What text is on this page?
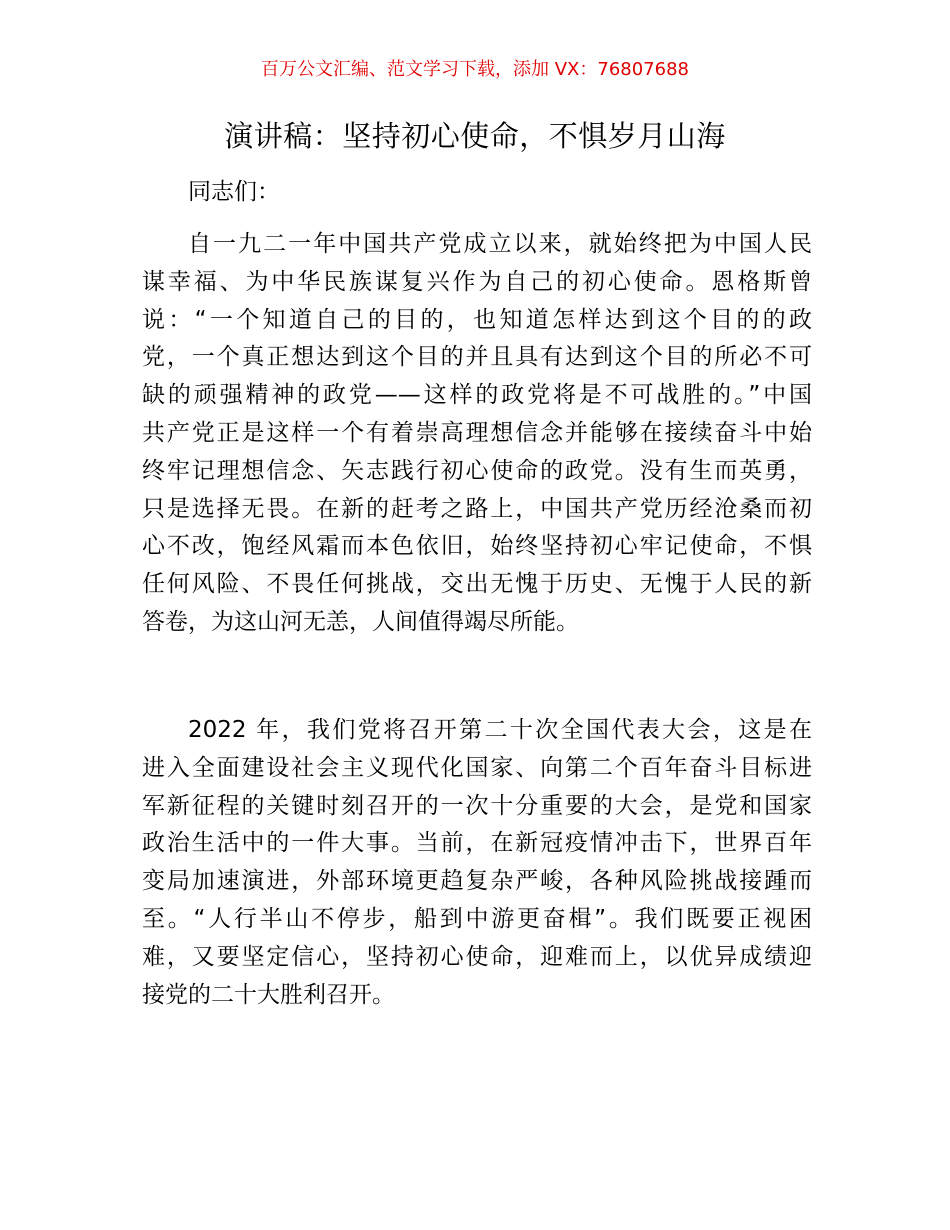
百万公文汇编、范文学习下载，添加 VX：76807688
演讲稿：坚持初心使命，不惧岁月山海
同志们：
自一九二一年中国共产党成立以来，就始终把为中国人民
谋幸福、为中华民族谋复兴作为自己的初心使命。恩格斯曾
说：“一个知道自己的目的，也知道怎样达到这个目的的政
党，一个真正想达到这个目的并且具有达到这个目的所必不可
缺的顽强精神的政党——这样的政党将是不可战胜的。”中国
共产党正是这样一个有着崇高理想信念并能够在接续奋斗中始
终牢记理想信念、矢志践行初心使命的政党。没有生而英勇，
只是选择无畏。在新的赶考之路上，中国共产党历经沧桑而初
心不改，饱经风霜而本色依旧，始终坚持初心牢记使命，不惧
任何风险、不畏任何挑战，交出无愧于历史、无愧于人民的新
答卷，为这山河无恙，人间值得竭尽所能。
2022 年，我们党将召开第二十次全国代表大会，这是在
进入全面建设社会主义现代化国家、向第二个百年奋斗目标进
军新征程的关键时刻召开的一次十分重要的大会，是党和国家
政治生活中的一件大事。当前，在新冠疫情冲击下，世界百年
变局加速演进，外部环境更趋复杂严峻，各种风险挑战接踵而
至。“人行半山不停步，船到中游更奋楫”。我们既要正视困
难，又要坚定信心，坚持初心使命，迎难而上，以优异成绩迎
接党的二十大胜利召开。
